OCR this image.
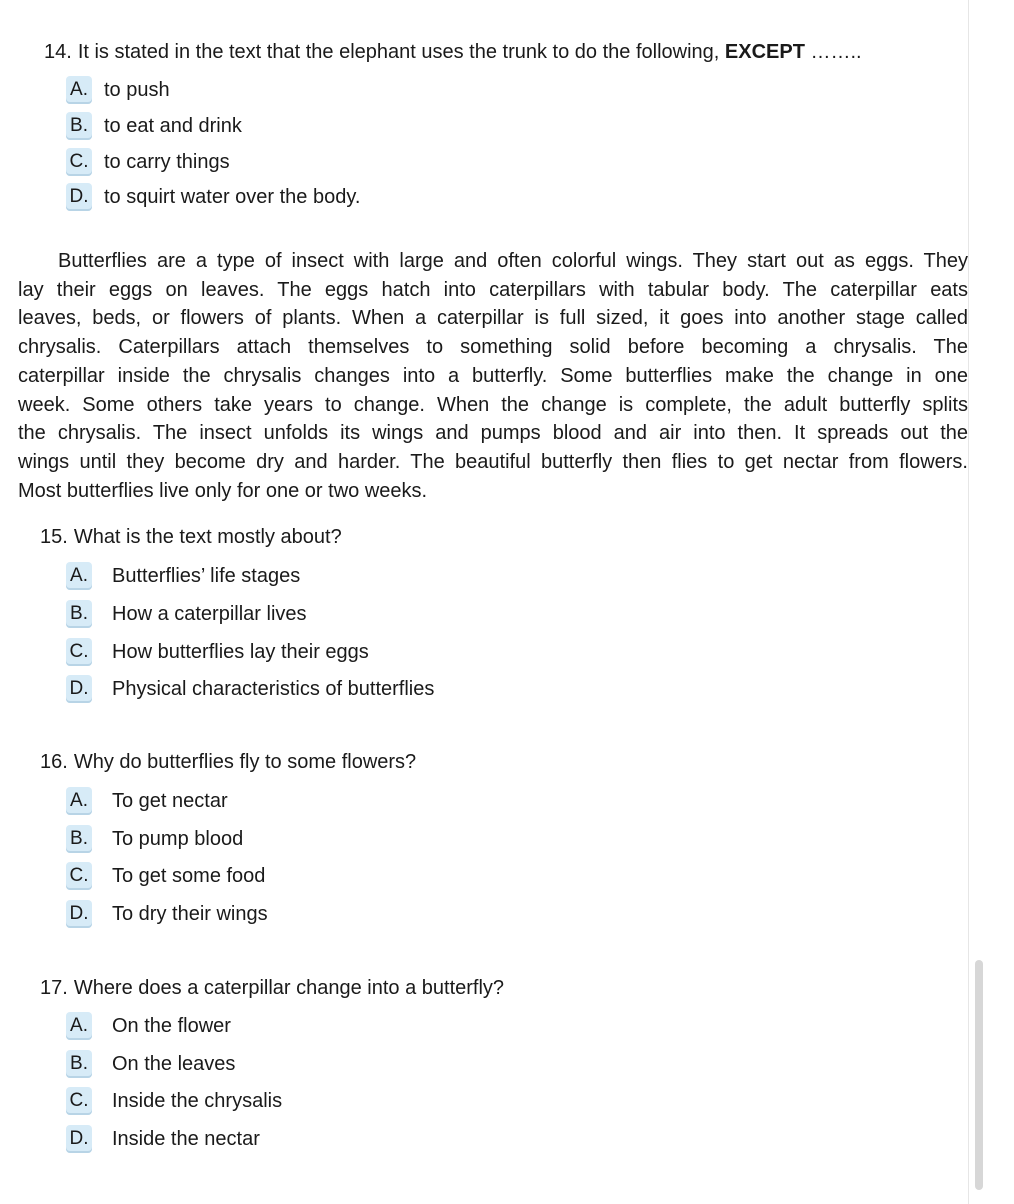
14. It is stated in the text that the elephant uses the trunk to do the following, EXCEPT ……..
A. to push
B. to eat and drink
C. to carry things
D. to squirt water over the body.
Butterflies are a type of insect with large and often colorful wings. They start out as eggs. They
lay their eggs on leaves. The eggs hatch into caterpillars with tabular body. The caterpillar eats
leaves, beds, or flowers of plants. When a caterpillar is full sized, it goes into another stage called
chrysalis. Caterpillars attach themselves to something solid before becoming a chrysalis. The
caterpillar inside the chrysalis changes into a butterfly. Some butterflies make the change in one
week. Some others take years to change. When the change is complete, the adult butterfly splits
the chrysalis. The insect unfolds its wings and pumps blood and air into then. It spreads out the
wings until they become dry and harder. The beautiful butterfly then flies to get nectar from flowers.
Most butterflies live only for one or two weeks.
15. What is the text mostly about?
A. Butterflies’ life stages
B. How a caterpillar lives
C. How butterflies lay their eggs
D. Physical characteristics of butterflies
16. Why do butterflies fly to some flowers?
A. To get nectar
B. To pump blood
C. To get some food
D. To dry their wings
17. Where does a caterpillar change into a butterfly?
A. On the flower
B. On the leaves
C. Inside the chrysalis
D. Inside the nectar
